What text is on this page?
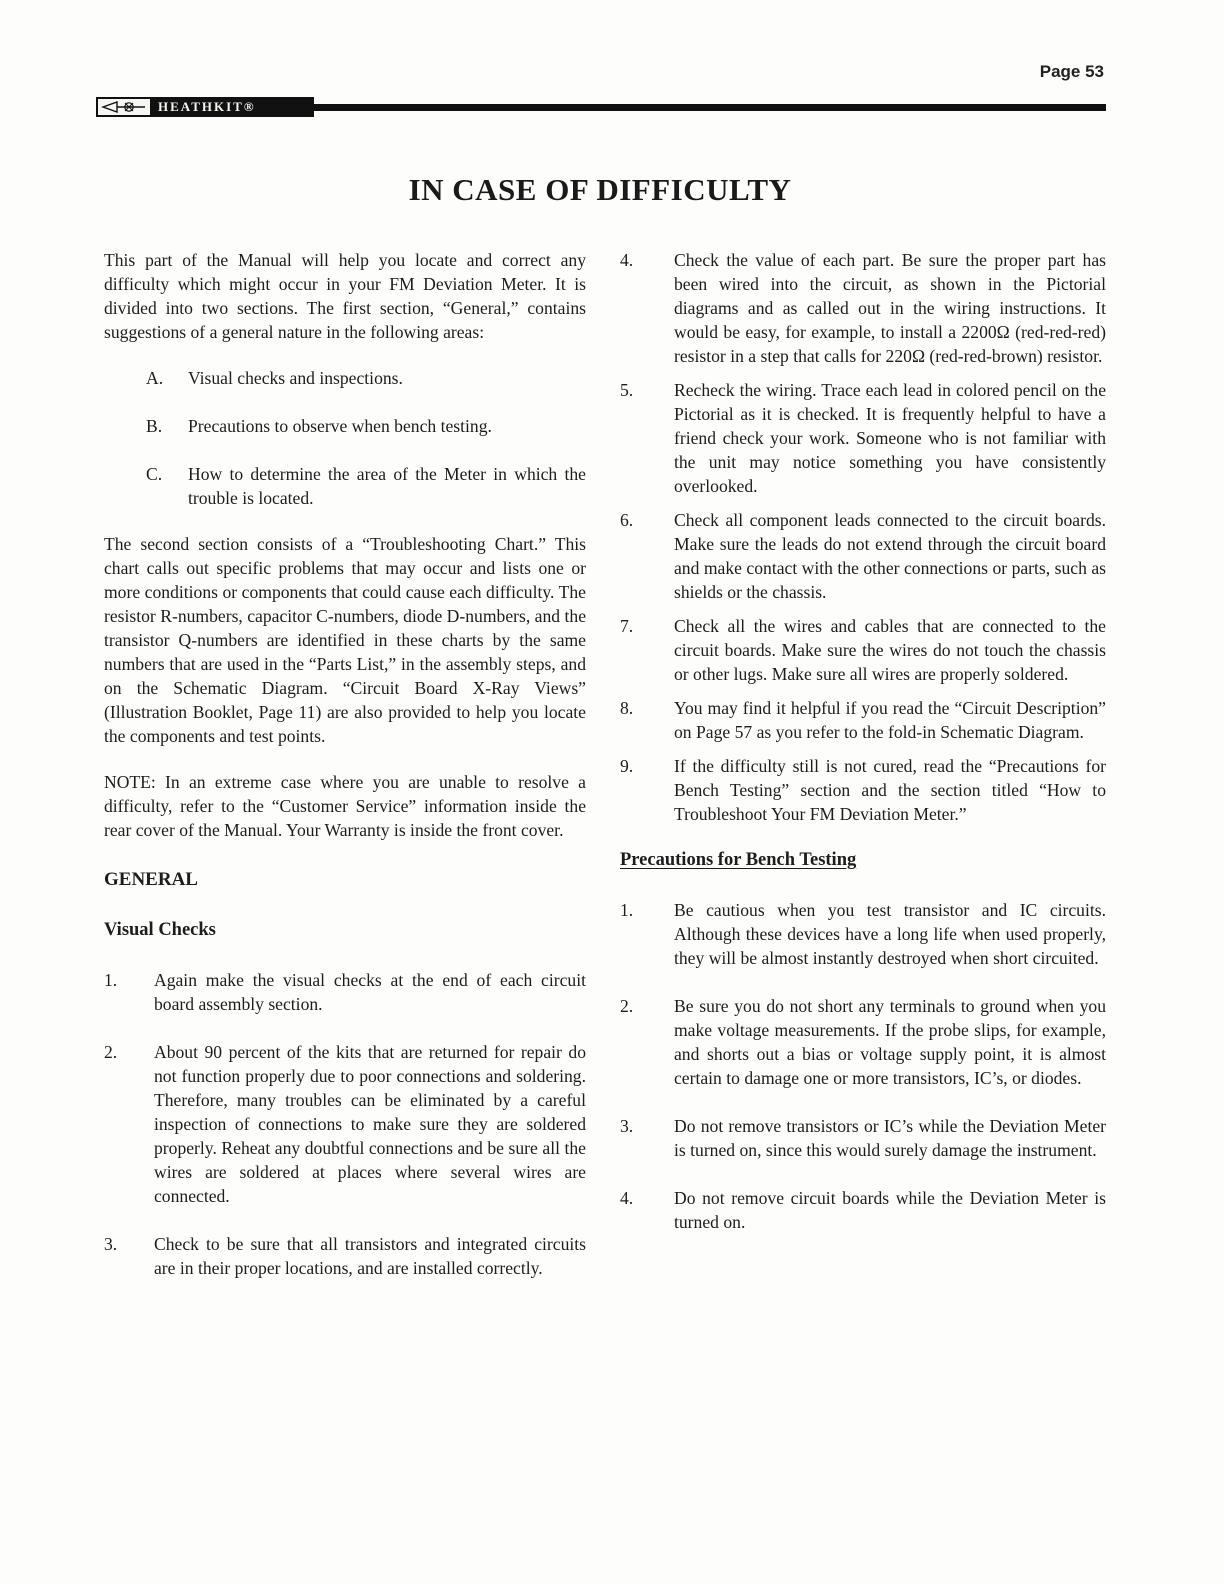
Page 53
HEATHKIT®
IN CASE OF DIFFICULTY

This part of the Manual will help you locate and correct any difficulty which might occur in your FM Deviation Meter. It is divided into two sections. The first section, “General,” contains suggestions of a general nature in the following areas:

A.	Visual checks and inspections.
B.	Precautions to observe when bench testing.
C.	How to determine the area of the Meter in which the trouble is located.

The second section consists of a “Troubleshooting Chart.” This chart calls out specific problems that may occur and lists one or more conditions or components that could cause each difficulty. The resistor R-numbers, capacitor C-numbers, diode D-numbers, and the transistor Q-numbers are identified in these charts by the same numbers that are used in the “Parts List,” in the assembly steps, and on the Schematic Diagram. “Circuit Board X-Ray Views” (Illustration Booklet, Page 11) are also provided to help you locate the components and test points.

NOTE: In an extreme case where you are unable to resolve a difficulty, refer to the “Customer Service” information inside the rear cover of the Manual. Your Warranty is inside the front cover.

GENERAL
Visual Checks
1.	Again make the visual checks at the end of each circuit board assembly section.
2.	About 90 percent of the kits that are returned for repair do not function properly due to poor connections and soldering. Therefore, many troubles can be eliminated by a careful inspection of connections to make sure they are soldered properly. Reheat any doubtful connections and be sure all the wires are soldered at places where several wires are connected.
3.	Check to be sure that all transistors and integrated circuits are in their proper locations, and are installed correctly.
4.	Check the value of each part. Be sure the proper part has been wired into the circuit, as shown in the Pictorial diagrams and as called out in the wiring instructions. It would be easy, for example, to install a 2200Ω (red-red-red) resistor in a step that calls for 220Ω (red-red-brown) resistor.
5.	Recheck the wiring. Trace each lead in colored pencil on the Pictorial as it is checked. It is frequently helpful to have a friend check your work. Someone who is not familiar with the unit may notice something you have consistently overlooked.
6.	Check all component leads connected to the circuit boards. Make sure the leads do not extend through the circuit board and make contact with the other connections or parts, such as shields or the chassis.
7.	Check all the wires and cables that are connected to the circuit boards. Make sure the wires do not touch the chassis or other lugs. Make sure all wires are properly soldered.
8.	You may find it helpful if you read the “Circuit Description” on Page 57 as you refer to the fold-in Schematic Diagram.
9.	If the difficulty still is not cured, read the “Precautions for Bench Testing” section and the section titled “How to Troubleshoot Your FM Deviation Meter.”
Precautions for Bench Testing
1.	Be cautious when you test transistor and IC circuits. Although these devices have a long life when used properly, they will be almost instantly destroyed when short circuited.
2.	Be sure you do not short any terminals to ground when you make voltage measurements. If the probe slips, for example, and shorts out a bias or voltage supply point, it is almost certain to damage one or more transistors, IC’s, or diodes.
3.	Do not remove transistors or IC’s while the Deviation Meter is turned on, since this would surely damage the instrument.
4.	Do not remove circuit boards while the Deviation Meter is turned on.
